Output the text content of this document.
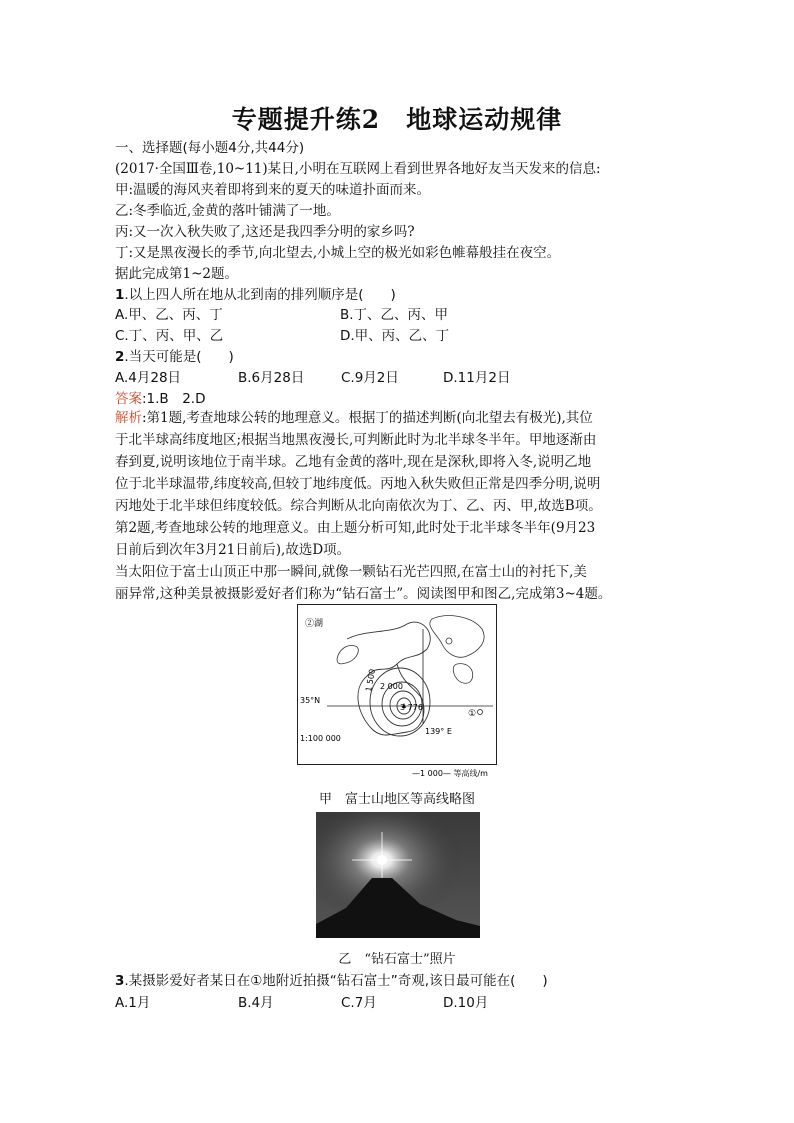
专题提升练2　地球运动规律
一、选择题(每小题4分,共44分)
(2017·全国Ⅲ卷,10~11)某日,小明在互联网上看到世界各地好友当天发来的信息:
甲:温暖的海风夹着即将到来的夏天的味道扑面而来。
乙:冬季临近,金黄的落叶铺满了一地。
丙:又一次入秋失败了,这还是我四季分明的家乡吗?
丁:又是黑夜漫长的季节,向北望去,小城上空的极光如彩色帷幕般挂在夜空。
据此完成第1~2题。
1.以上四人所在地从北到南的排列顺序是(　　)
A.甲、乙、丙、丁	B.丁、乙、丙、甲
C.丁、丙、甲、乙	D.甲、丙、乙、丁
2.当天可能是(　　)
A.4月28日	B.6月28日	C.9月2日	D.11月2日
答案:1.B　2.D
解析:第1题,考查地球公转的地理意义。根据丁的描述判断(向北望去有极光),其位
于北半球高纬度地区;根据当地黑夜漫长,可判断此时为北半球冬半年。甲地逐渐由
春到夏,说明该地位于南半球。乙地有金黄的落叶,现在是深秋,即将入冬,说明乙地
位于北半球温带,纬度较高,但较丁地纬度低。丙地入秋失败但正常是四季分明,说明
丙地处于北半球但纬度较低。综合判断从北向南依次为丁、乙、丙、甲,故选B项。
第2题,考查地球公转的地理意义。由上题分析可知,此时处于北半球冬半年(9月23
日前后到次年3月21日前后),故选D项。
当太阳位于富士山顶正中那一瞬间,就像一颗钻石光芒四照,在富士山的衬托下,美
丽异常,这种美景被摄影爱好者们称为“钻石富士”。阅读图甲和图乙,完成第3~4题。
②湖
1 500 2 000
3 776
35°N
139° E
1:100 000
①
—1 000— 等高线/m
甲　富士山地区等高线略图
乙　“钻石富士”照片
3.某摄影爱好者某日在①地附近拍摄“钻石富士”奇观,该日最可能在(　　)
A.1月	B.4月	C.7月	D.10月
